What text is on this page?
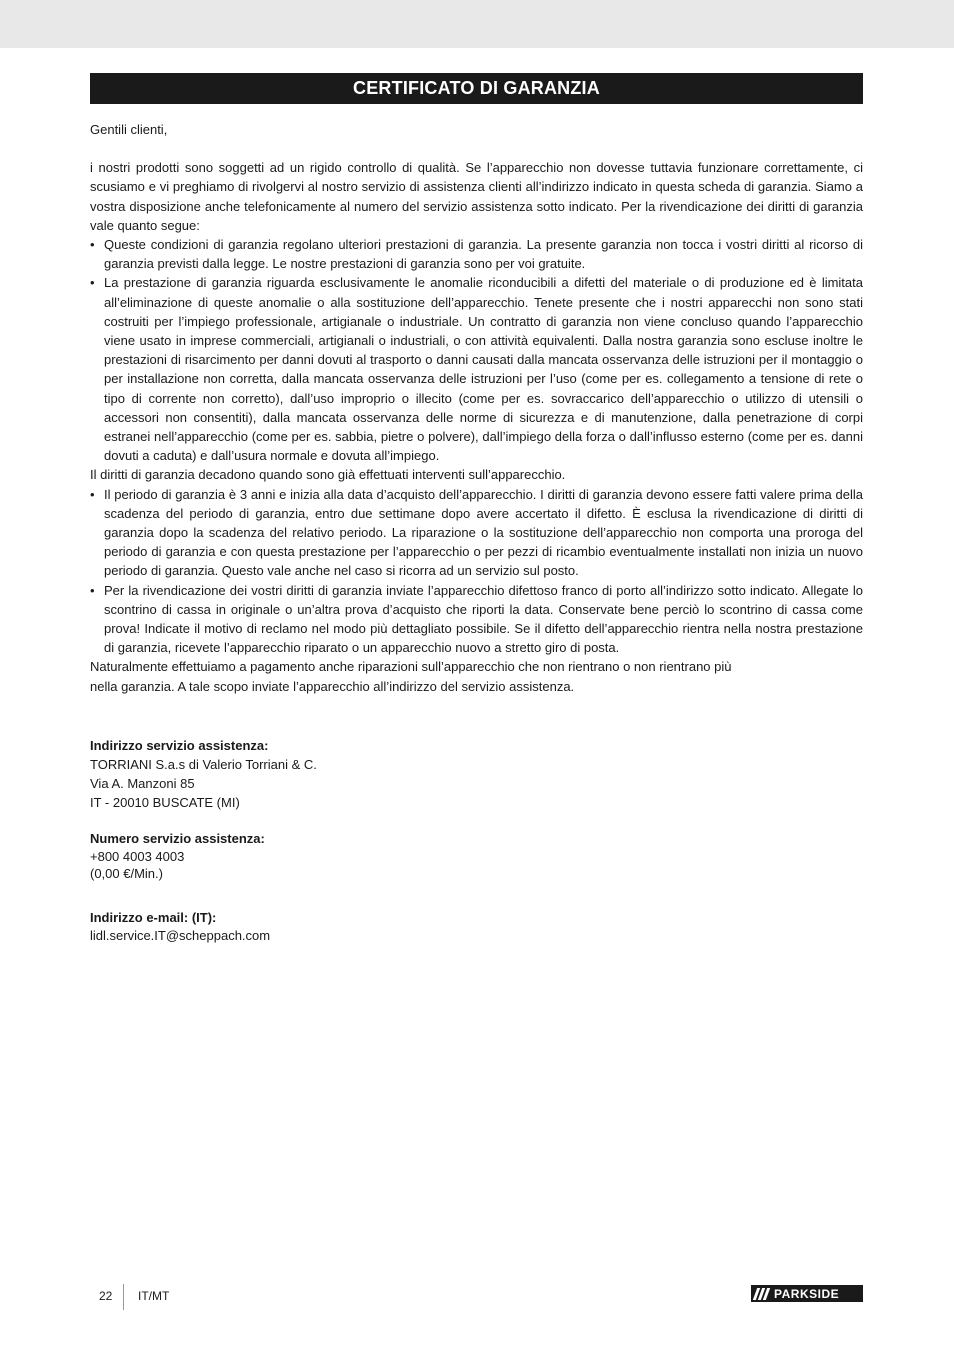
CERTIFICATO DI GARANZIA

Gentili clienti,

i nostri prodotti sono soggetti ad un rigido controllo di qualità. Se l’apparecchio non dovesse tuttavia funzionare correttamente, ci scusiamo e vi preghiamo di rivolgervi al nostro servizio di assistenza clienti all’indirizzo indicato in questa scheda di garanzia. Siamo a vostra disposizione anche telefonicamente al numero del servizio assistenza sotto indicato. Per la rivendicazione dei diritti di garanzia vale quanto segue:

• Queste condizioni di garanzia regolano ulteriori prestazioni di garanzia. La presente garanzia non tocca i vostri diritti al ricorso di garanzia previsti dalla legge. Le nostre prestazioni di garanzia sono per voi gratuite.
• La prestazione di garanzia riguarda esclusivamente le anomalie riconducibili a difetti del materiale o di produzione ed è limitata all’eliminazione di queste anomalie o alla sostituzione dell’apparecchio. Tenete presente che i nostri apparecchi non sono stati costruiti per l’impiego professionale, artigianale o industriale. Un contratto di garanzia non viene concluso quando l’apparecchio viene usato in imprese commerciali, artigianali o industriali, o con attività equivalenti. Dalla nostra garanzia sono escluse inoltre le prestazioni di risarcimento per danni dovuti al trasporto o danni causati dalla mancata osservanza delle istruzioni per il montaggio o per installazione non corretta, dalla mancata osservanza delle istruzioni per l’uso (come per es. collegamento a tensione di rete o tipo di corrente non corretto), dall’uso improprio o illecito (come per es. sovraccarico dell’apparecchio o utilizzo di utensili o accessori non consentiti), dalla mancata osservanza delle norme di sicurezza e di manutenzione, dalla penetrazione di corpi estranei nell’apparecchio (come per es. sabbia, pietre o polvere), dall’impiego della forza o dall’influsso esterno (come per es. danni dovuti a caduta) e dall’usura normale e dovuta all’impiego.

Il diritti di garanzia decadono quando sono già effettuati interventi sull’apparecchio.

• Il periodo di garanzia è 3 anni e inizia alla data d’acquisto dell’apparecchio. I diritti di garanzia devono essere fatti valere prima della scadenza del periodo di garanzia, entro due settimane dopo avere accertato il difetto. È esclusa la rivendicazione di diritti di garanzia dopo la scadenza del relativo periodo. La riparazione o la sostituzione dell’apparecchio non comporta una proroga del periodo di garanzia e con questa prestazione per l’apparecchio o per pezzi di ricambio eventualmente installati non inizia un nuovo periodo di garanzia. Questo vale anche nel caso si ricorra ad un servizio sul posto.
• Per la rivendicazione dei vostri diritti di garanzia inviate l’apparecchio difettoso franco di porto all’indirizzo sotto indicato. Allegate lo scontrino di cassa in originale o un’altra prova d’acquisto che riporti la data. Conservate bene perciò lo scontrino di cassa come prova! Indicate il motivo di reclamo nel modo più dettagliato possibile. Se il difetto dell’apparecchio rientra nella nostra prestazione di garanzia, ricevete l’apparecchio riparato o un apparecchio nuovo a stretto giro di posta.

Naturalmente effettuiamo a pagamento anche riparazioni sull’apparecchio che non rientrano o non rientrano più

nella garanzia. A tale scopo inviate l’apparecchio all’indirizzo del servizio assistenza.

Indirizzo servizio assistenza:
TORRIANI S.a.s di Valerio Torriani & C.
Via A. Manzoni 85
IT - 20010 BUSCATE (MI)
Numero servizio assistenza:
+800 4003 4003
(0,00 €/Min.)
Indirizzo e-mail: (IT):
lidl.service.IT@scheppach.com
22 IT/MT	PARKSIDE
